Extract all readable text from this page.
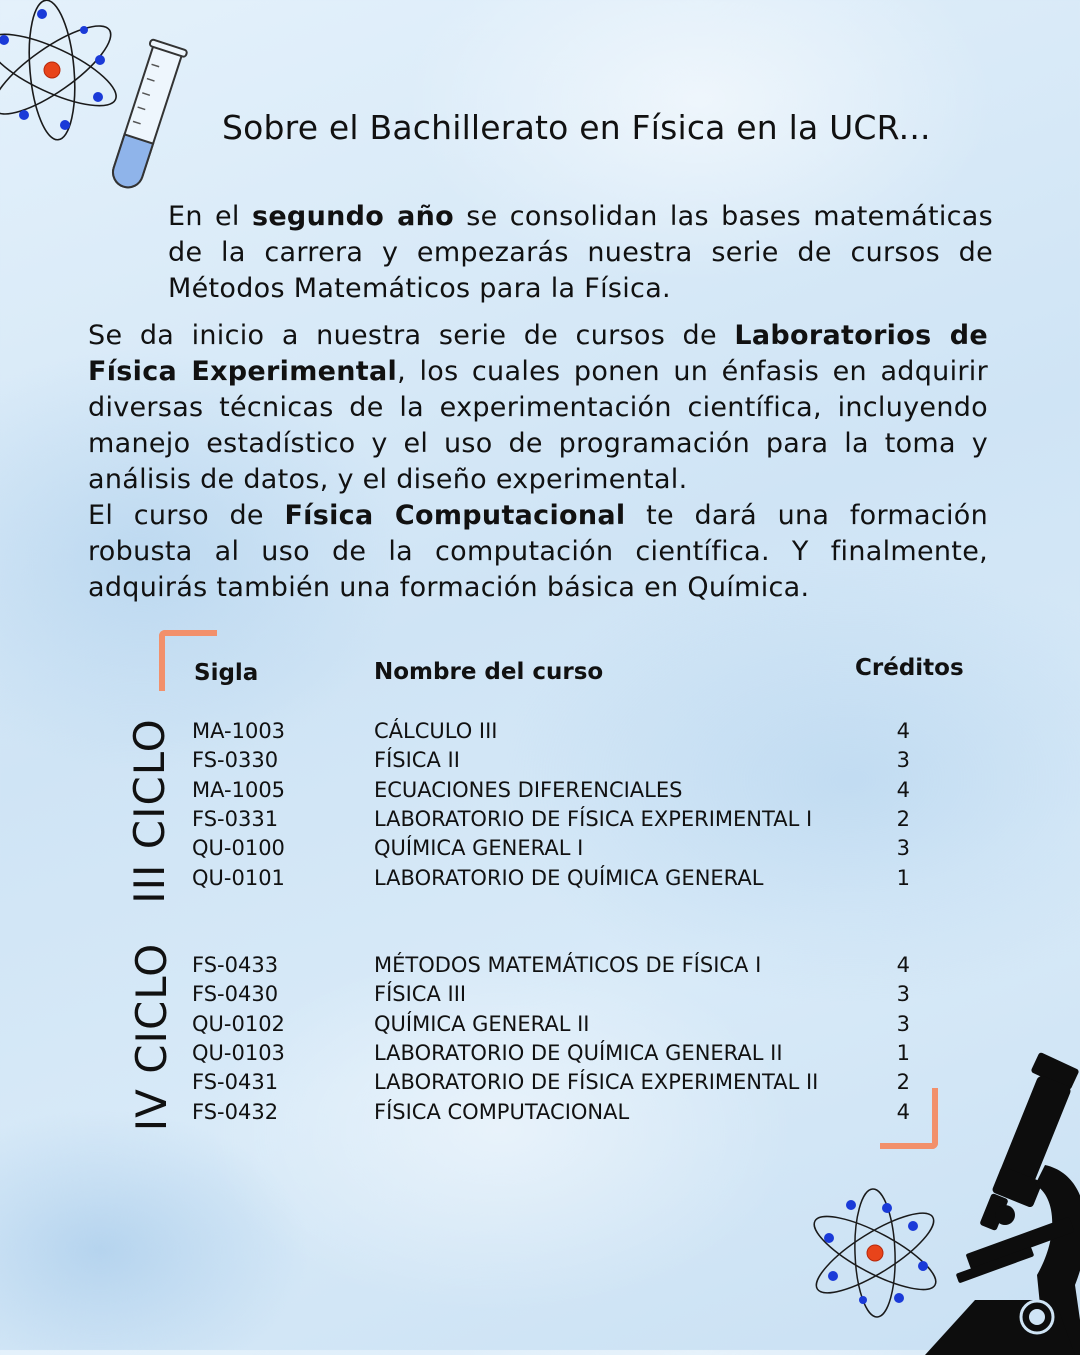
Sobre el Bachillerato en Física en la UCR...

En el segundo año se consolidan las bases matemáticas de la carrera y empezarás nuestra serie de cursos de Métodos Matemáticos para la Física.

Se da inicio a nuestra serie de cursos de Laboratorios de Física Experimental, los cuales ponen un énfasis en adquirir diversas técnicas de la experimentación científica, incluyendo manejo estadístico y el uso de programación para la toma y análisis de datos, y el diseño experimental.

El curso de Física Computacional te dará una formación robusta al uso de la computación científica. Y finalmente, adquirás también una formación básica en Química.

Sigla	Nombre del curso	Créditos
III CICLO
IV CICLO
MA-1003	CÁLCULO III	4
FS-0330	FÍSICA II	3
MA-1005	ECUACIONES DIFERENCIALES	4
FS-0331	LABORATORIO DE FÍSICA EXPERIMENTAL I	2
QU-0100	QUÍMICA GENERAL I	3
QU-0101	LABORATORIO DE QUÍMICA GENERAL	1
FS-0433	MÉTODOS MATEMÁTICOS DE FÍSICA I	4
FS-0430	FÍSICA III	3
QU-0102	QUÍMICA GENERAL II	3
QU-0103	LABORATORIO DE QUÍMICA GENERAL II	1
FS-0431	LABORATORIO DE FÍSICA EXPERIMENTAL II	2
FS-0432	FÍSICA COMPUTACIONAL	4
